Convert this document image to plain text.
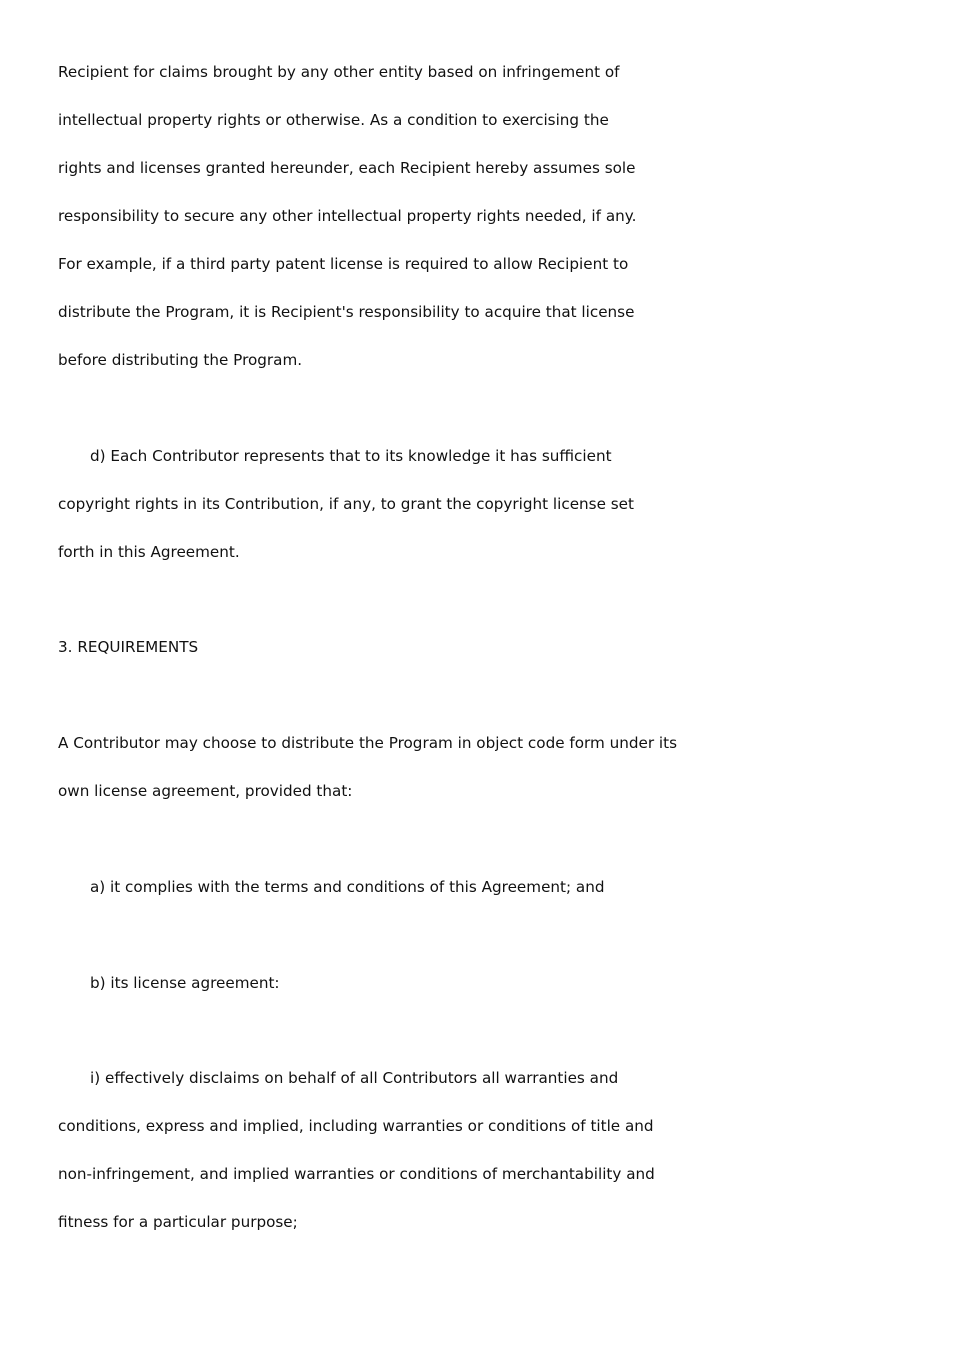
Recipient for claims brought by any other entity based on infringement of
intellectual property rights or otherwise. As a condition to exercising the
rights and licenses granted hereunder, each Recipient hereby assumes sole
responsibility to secure any other intellectual property rights needed, if any.
For example, if a third party patent license is required to allow Recipient to
distribute the Program, it is Recipient's responsibility to acquire that license
before distributing the Program.
d) Each Contributor represents that to its knowledge it has sufficient
copyright rights in its Contribution, if any, to grant the copyright license set
forth in this Agreement.
3. REQUIREMENTS
A Contributor may choose to distribute the Program in object code form under its
own license agreement, provided that:
a) it complies with the terms and conditions of this Agreement; and
b) its license agreement:
i) effectively disclaims on behalf of all Contributors all warranties and
conditions, express and implied, including warranties or conditions of title and
non-infringement, and implied warranties or conditions of merchantability and
fitness for a particular purpose;
